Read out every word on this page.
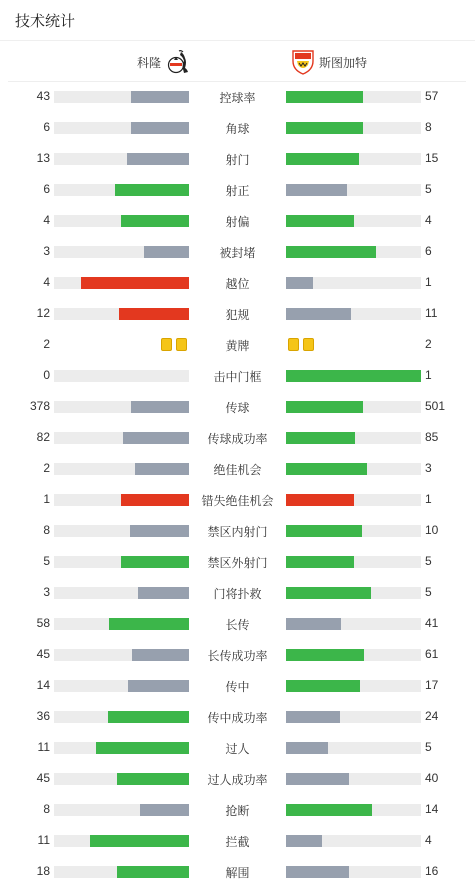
技术统计
科隆	斯图加特
43	控球率	57
6	角球	8
13	射门	15
6	射正	5
4	射偏	4
3	被封堵	6
4	越位	1
12	犯规	11
2	黄牌	2
0	击中门框	1
378	传球	501
82	传球成功率	85
2	绝佳机会	3
1	错失绝佳机会	1
8	禁区内射门	10
5	禁区外射门	5
3	门将扑救	5
58	长传	41
45	长传成功率	61
14	传中	17
36	传中成功率	24
11	过人	5
45	过人成功率	40
8	抢断	14
11	拦截	4
18	解围	16
